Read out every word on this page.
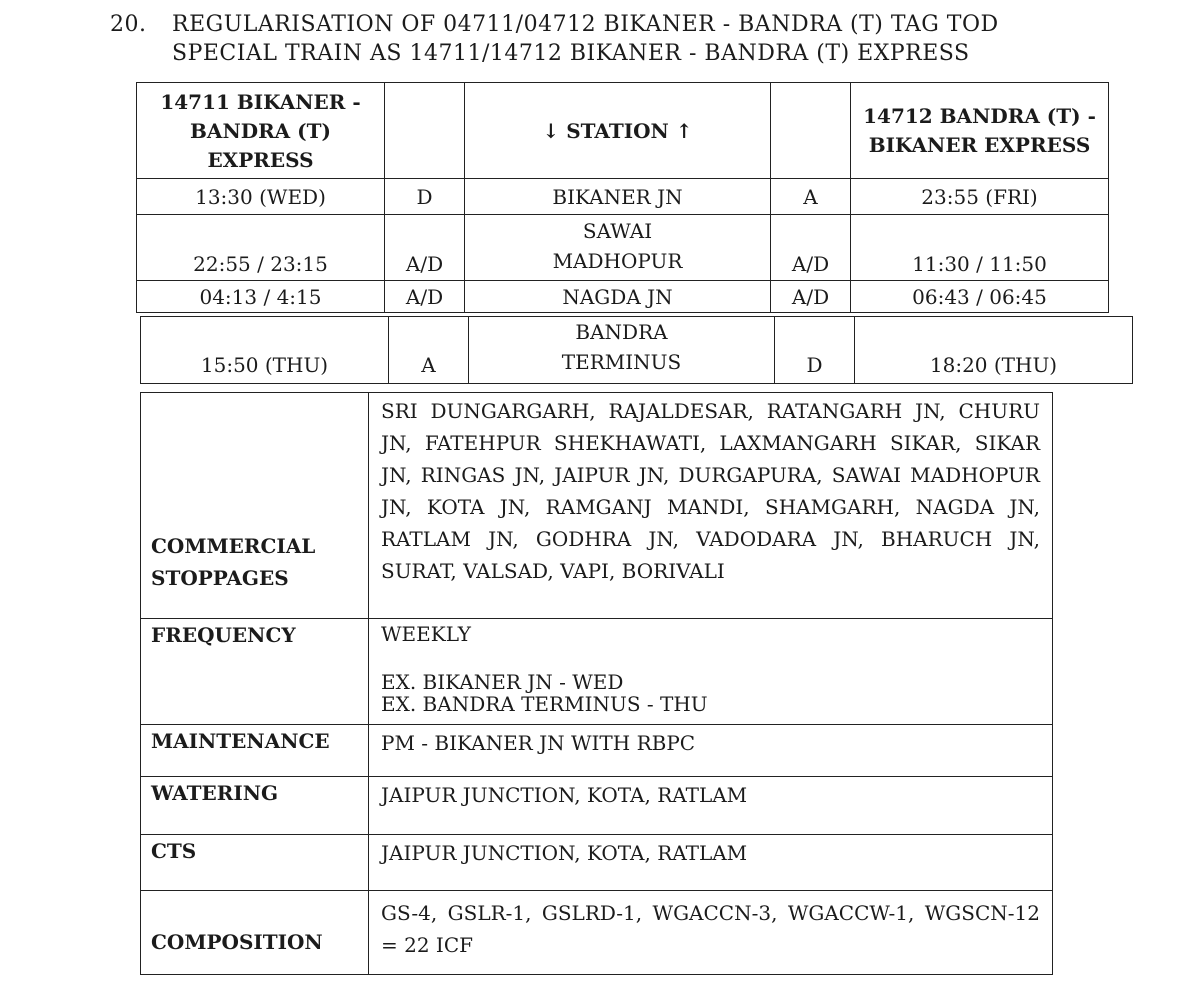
20. REGULARISATION OF 04711/04712 BIKANER - BANDRA (T) TAG TOD
SPECIAL TRAIN AS 14711/14712 BIKANER - BANDRA (T) EXPRESS
14711 BIKANER - BANDRA (T) EXPRESS		↓ STATION ↑		14712 BANDRA (T) - BIKANER EXPRESS
13:30 (WED)	D	BIKANER JN	A	23:55 (FRI)
22:55 / 23:15	A/D	SAWAI MADHOPUR	A/D	11:30 / 11:50
04:13 / 4:15	A/D	NAGDA JN	A/D	06:43 / 06:45
15:50 (THU)	A	BANDRA TERMINUS	D	18:20 (THU)
COMMERCIAL STOPPAGES	SRI DUNGARGARH, RAJALDESAR, RATANGARH JN, CHURU JN, FATEHPUR SHEKHAWATI, LAXMANGARH SIKAR, SIKAR JN, RINGAS JN, JAIPUR JN, DURGAPURA, SAWAI MADHOPUR JN, KOTA JN, RAMGANJ MANDI, SHAMGARH, NAGDA JN, RATLAM JN, GODHRA JN, VADODARA JN, BHARUCH JN, SURAT, VALSAD, VAPI, BORIVALI
FREQUENCY	WEEKLY
EX. BIKANER JN - WED
EX. BANDRA TERMINUS - THU

MAINTENANCE	PM - BIKANER JN WITH RBPC
WATERING	JAIPUR JUNCTION, KOTA, RATLAM
CTS	JAIPUR JUNCTION, KOTA, RATLAM
COMPOSITION	GS-4, GSLR-1, GSLRD-1, WGACCN-3, WGACCW-1, WGSCN-12 = 22 ICF
